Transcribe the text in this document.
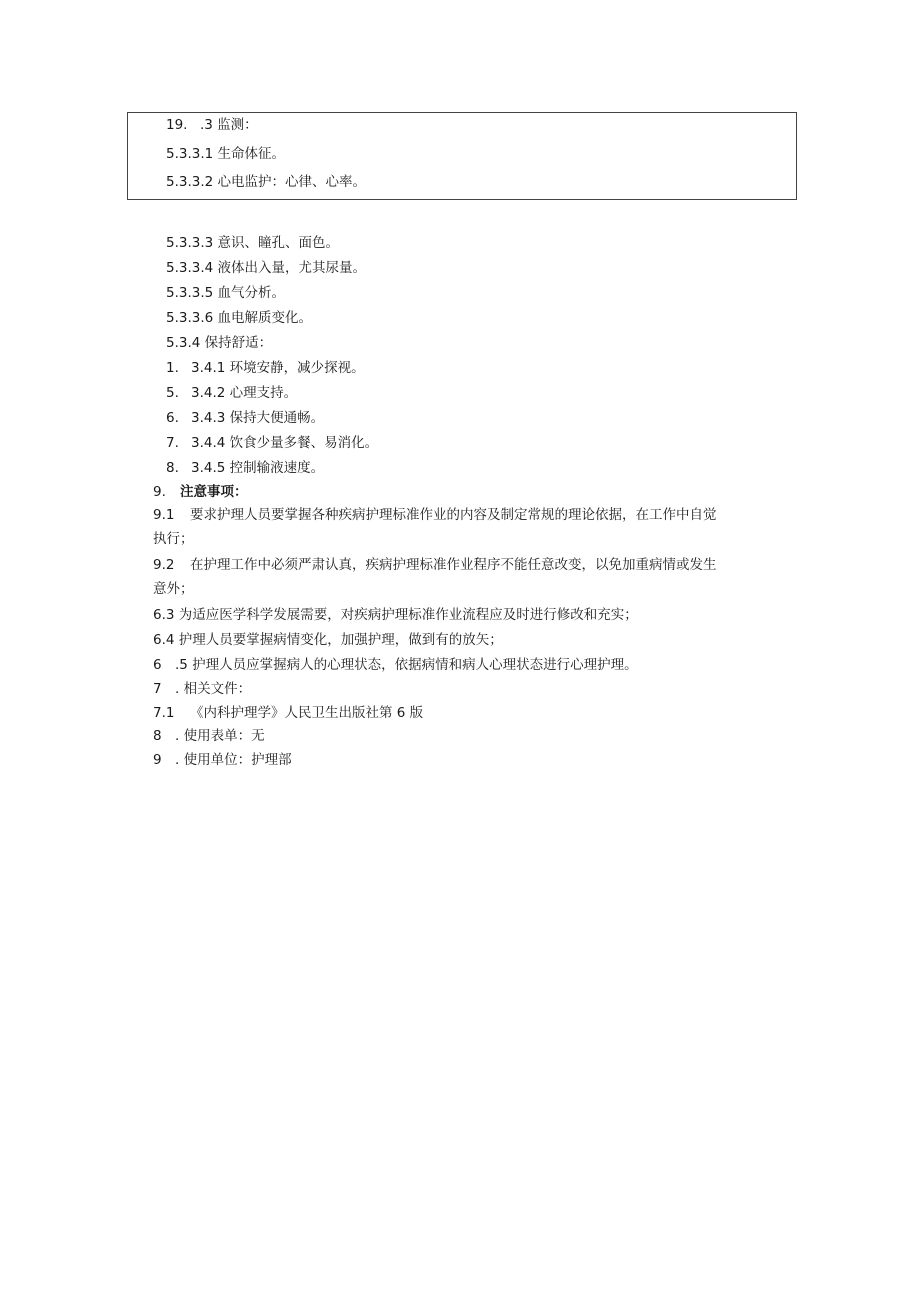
19. .3 监测：
5.3.3.1 生命体征。
5.3.3.2 心电监护：心律、心率。
5.3.3.3 意识、瞳孔、面色。
5.3.3.4 液体出入量，尤其尿量。
5.3.3.5 血气分析。
5.3.3.6 血电解质变化。
5.3.4 保持舒适：
1. 3.4.1 环境安静，减少探视。
5. 3.4.2 心理支持。
6. 3.4.3 保持大便通畅。
7. 3.4.4 饮食少量多餐、易消化。
8. 3.4.5 控制输液速度。
9. 注意事项：
9.1 要求护理人员要掌握各种疾病护理标准作业的内容及制定常规的理论依据，在工作中自觉
执行；
9.2 在护理工作中必须严肃认真，疾病护理标准作业程序不能任意改变，以免加重病情或发生
意外；
6.3 为适应医学科学发展需要，对疾病护理标准作业流程应及时进行修改和充实；
6.4 护理人员要掌握病情变化，加强护理，做到有的放矢；
6 .5 护理人员应掌握病人的心理状态，依据病情和病人心理状态进行心理护理。
7 . 相关文件：
7.1 《内科护理学》人民卫生出版社第 6 版
8 . 使用表单：无
9 . 使用单位：护理部
